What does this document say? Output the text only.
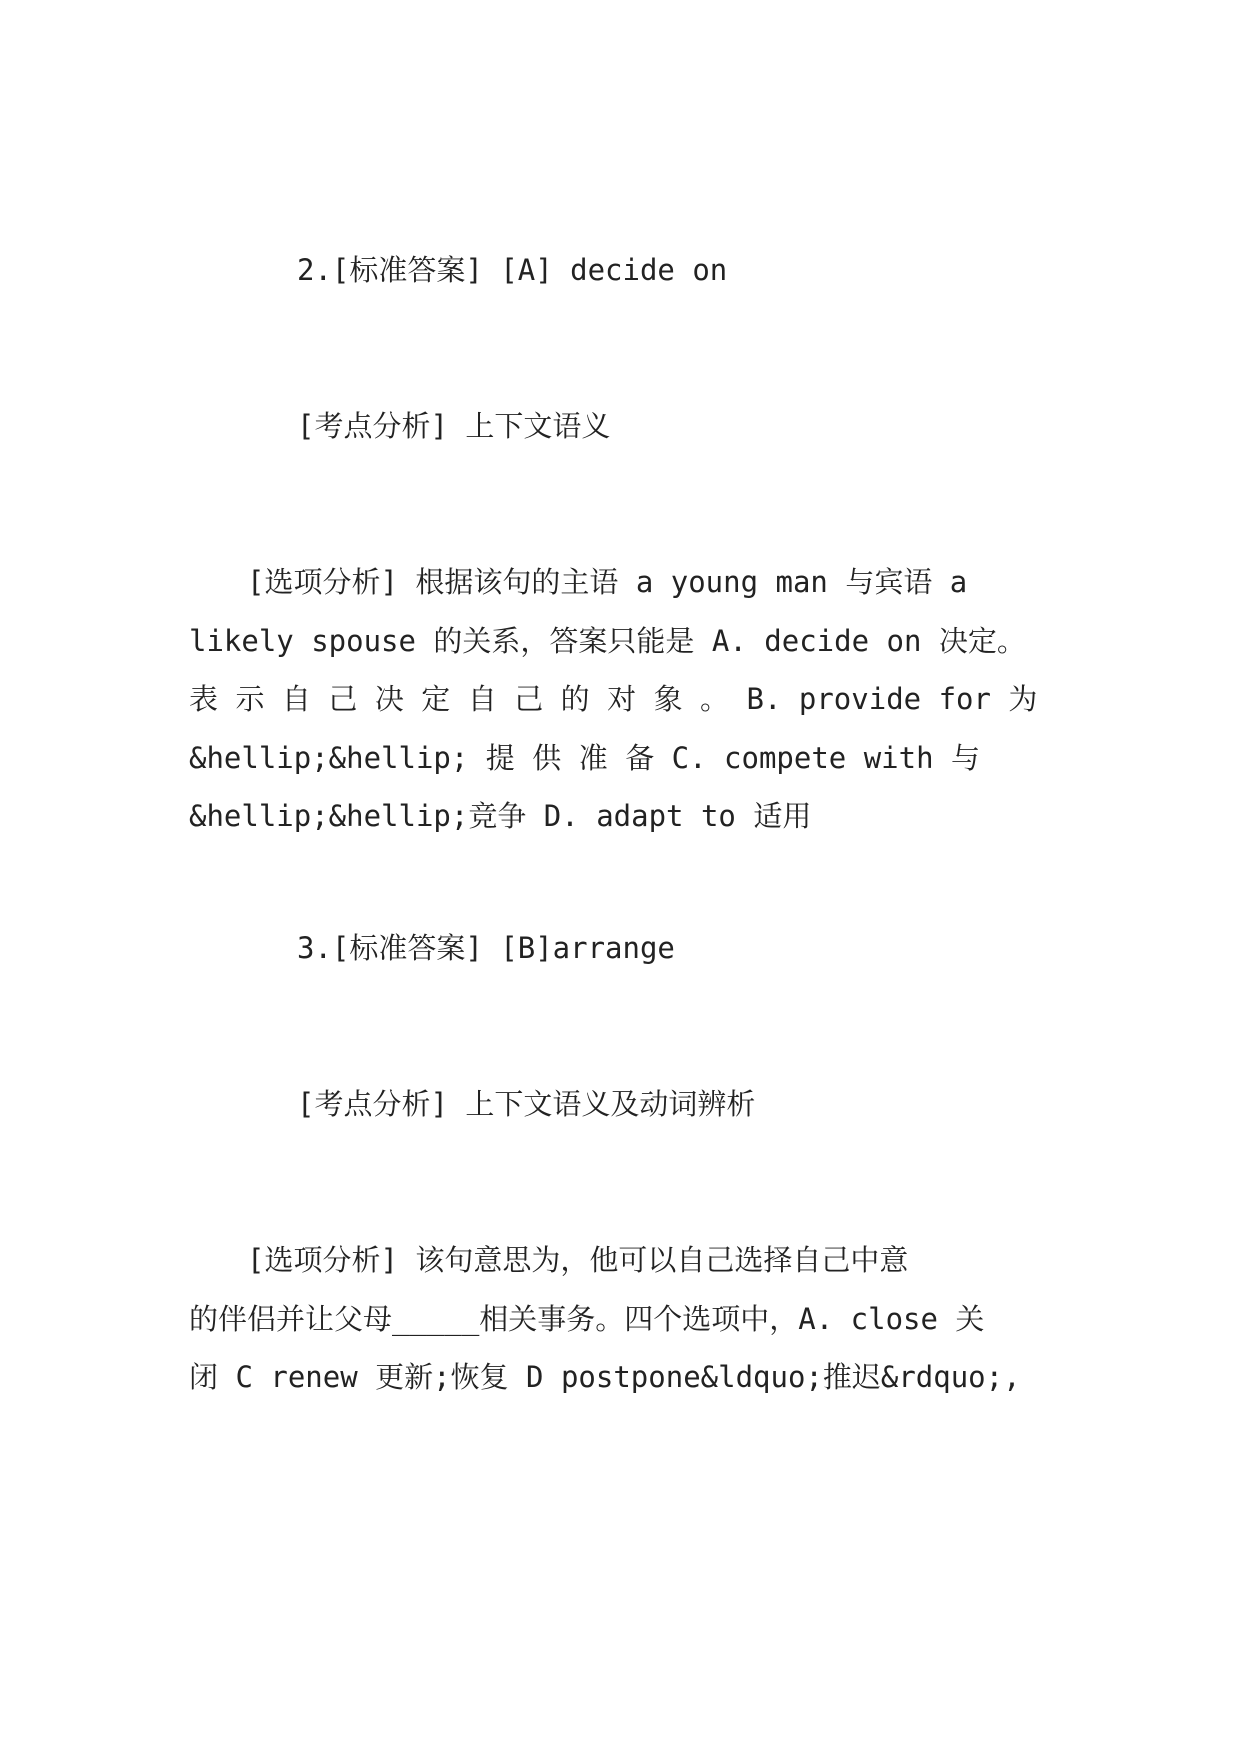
2.[标准答案] [A] decide on
[考点分析] 上下文语义
　　[选项分析] 根据该句的主语 a young man 与宾语 a
likely spouse 的关系，答案只能是 A. decide on 决定。
表 示 自 己 决 定 自 己 的 对 象 。 B. provide for 为
&hellip;&hellip; 提 供 准 备 C. compete with 与
&hellip;&hellip;竞争 D. adapt to 适用
3.[标准答案] [B]arrange
[考点分析] 上下文语义及动词辨析
　　[选项分析] 该句意思为，他可以自己选择自己中意
的伴侣并让父母_____相关事务。四个选项中，A. close 关
闭 C renew 更新;恢复 D postpone&ldquo;推迟&rdquo;,
